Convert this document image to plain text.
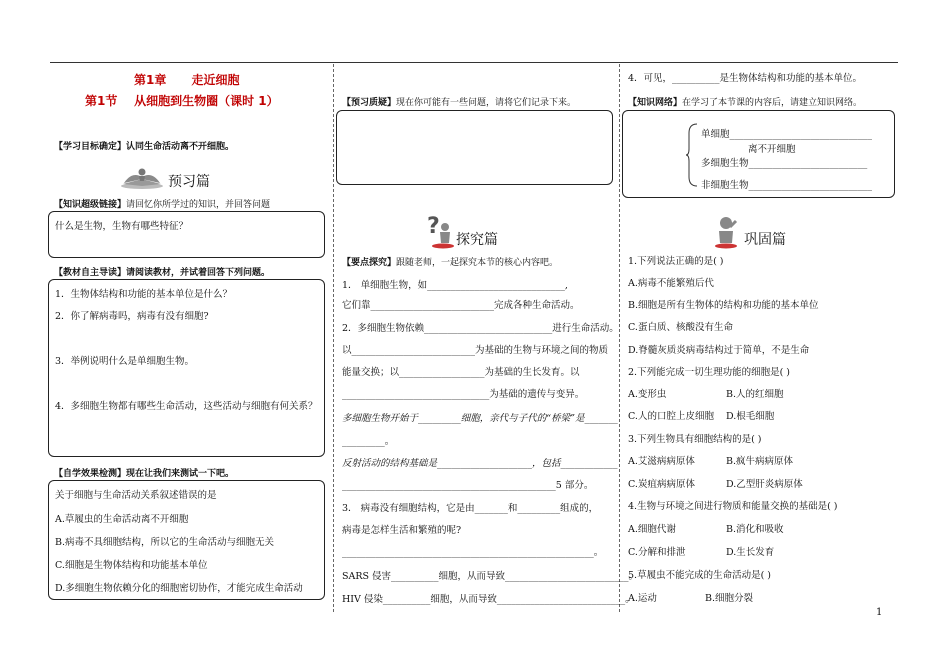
第1章 走近细胞
第1节 从细胞到生物圈（课时 1）
【学习目标确定】认同生命活动离不开细胞。
预习篇
【知识超级链接】请回忆你所学过的知识，并回答问题
什么是生物，生物有哪些特征？
【教材自主导读】请阅读教材，并试着回答下列问题。
1．生物体结构和功能的基本单位是什么？
2．你了解病毒吗，病毒有没有细胞?
3．举例说明什么是单细胞生物。
4．多细胞生物都有哪些生命活动，这些活动与细胞有何关系？
【自学效果检测】现在让我们来测试一下吧。
关于细胞与生命活动关系叙述错误的是
A.草履虫的生命活动离不开细胞
B.病毒不具细胞结构，所以它的生命活动与细胞无关
C.细胞是生物体结构和功能基本单位
D.多细胞生物依赖分化的细胞密切协作，才能完成生命活动
【预习质疑】现在你可能有一些问题，请将它们记录下来。
?
探究篇
【要点探究】跟随老师，一起探究本节的核心内容吧。
1． 单细胞生物，如_____________________________,
它们靠__________________________完成各种生命活动。
2．多细胞生物依赖___________________________进行生命活动。
以__________________________为基础的生物与环境之间的物质
能量交换；以__________________为基础的生长发育。以
_______________________________为基础的遗传与变异。
多细胞生物开始于_________细胞，亲代与子代的“桥梁”是_______
_________。
反射活动的结构基础是____________________，包括____________
_____________________________________________5 部分。
3． 病毒没有细胞结构，它是由_______和_________组成的，
病毒是怎样生活和繁殖的呢?
_____________________________________________________。
SARS 侵害__________细胞，从而导致__________________________。
HIV 侵染__________细胞，从而导致___________________________。
4．可见，__________是生物体结构和功能的基本单位。
【知识网络】在学习了本节课的内容后，请建立知识网络。
单细胞______________________________
离不开细胞
多细胞生物_________________________
非细胞生物__________________________
巩固篇
1.下列说法正确的是( )
A.病毒不能繁殖后代
B.细胞是所有生物体的结构和功能的基本单位
C.蛋白质、核酸没有生命
D.脊髓灰质炎病毒结构过于简单，不是生命
2.下列能完成一切生理功能的细胞是( )
A.变形虫	B.人的红细胞
C.人的口腔上皮细胞 D.根毛细胞
3.下列生物具有细胞结构的是( )
A.艾滋病病原体	B.疯牛病病原体
C.炭疽病病原体	D.乙型肝炎病原体
4.生物与环境之间进行物质和能量交换的基础是( )
A.细胞代谢	B.消化和吸收
C.分解和排泄	D.生长发育
5.草履虫不能完成的生命活动是( )
A.运动	B.细胞分裂
1
